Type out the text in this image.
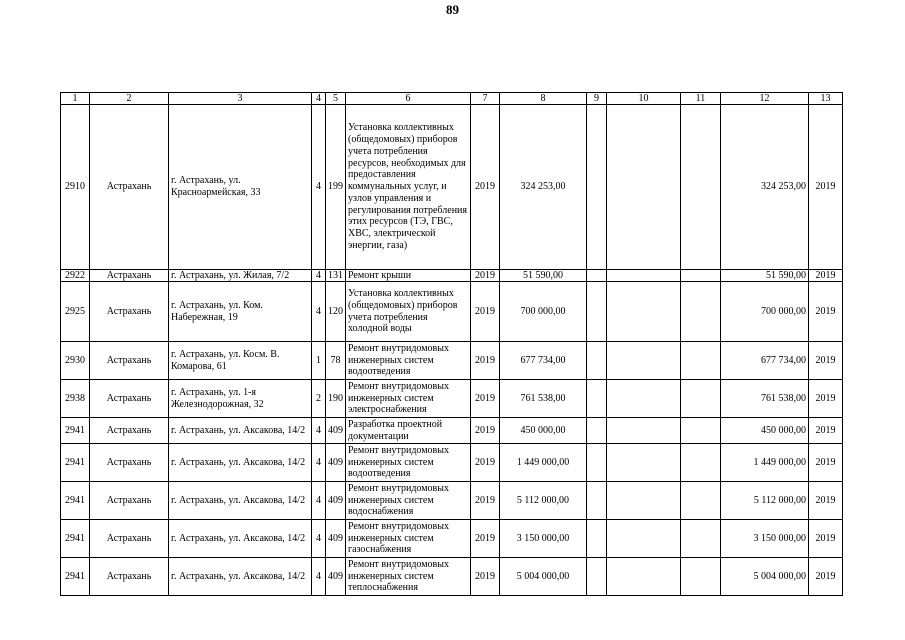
89
1	2	3	4	5	6	7	8	9	10	11	12	13
2910	Астрахань	г. Астрахань, ул. Красноармейская, 33	4	199	Установка коллективных (общедомовых) приборов учета потребления ресурсов, необходимых для предоставления коммунальных услуг, и узлов управления и регулирования потребления этих ресурсов (ТЭ, ГВС, ХВС, электрической энергии, газа)	2019	324 253,00				324 253,00	2019
2922	Астрахань	г. Астрахань, ул. Жилая, 7/2	4	131	Ремонт крыши	2019	51 590,00				51 590,00	2019
2925	Астрахань	г. Астрахань, ул. Ком. Набережная, 19	4	120	Установка коллективных (общедомовых) приборов учета потребления холодной воды	2019	700 000,00				700 000,00	2019
2930	Астрахань	г. Астрахань, ул. Косм. В. Комарова, 61	1	78	Ремонт внутридомовых инженерных систем водоотведения	2019	677 734,00				677 734,00	2019
2938	Астрахань	г. Астрахань, ул. 1-я Железнодорожная, 32	2	190	Ремонт внутридомовых инженерных систем электроснабжения	2019	761 538,00				761 538,00	2019
2941	Астрахань	г. Астрахань, ул. Аксакова, 14/2	4	409	Разработка проектной документации	2019	450 000,00				450 000,00	2019
2941	Астрахань	г. Астрахань, ул. Аксакова, 14/2	4	409	Ремонт внутридомовых инженерных систем водоотведения	2019	1 449 000,00				1 449 000,00	2019
2941	Астрахань	г. Астрахань, ул. Аксакова, 14/2	4	409	Ремонт внутридомовых инженерных систем водоснабжения	2019	5 112 000,00				5 112 000,00	2019
2941	Астрахань	г. Астрахань, ул. Аксакова, 14/2	4	409	Ремонт внутридомовых инженерных систем газоснабжения	2019	3 150 000,00				3 150 000,00	2019
2941	Астрахань	г. Астрахань, ул. Аксакова, 14/2	4	409	Ремонт внутридомовых инженерных систем теплоснабжения	2019	5 004 000,00				5 004 000,00	2019
